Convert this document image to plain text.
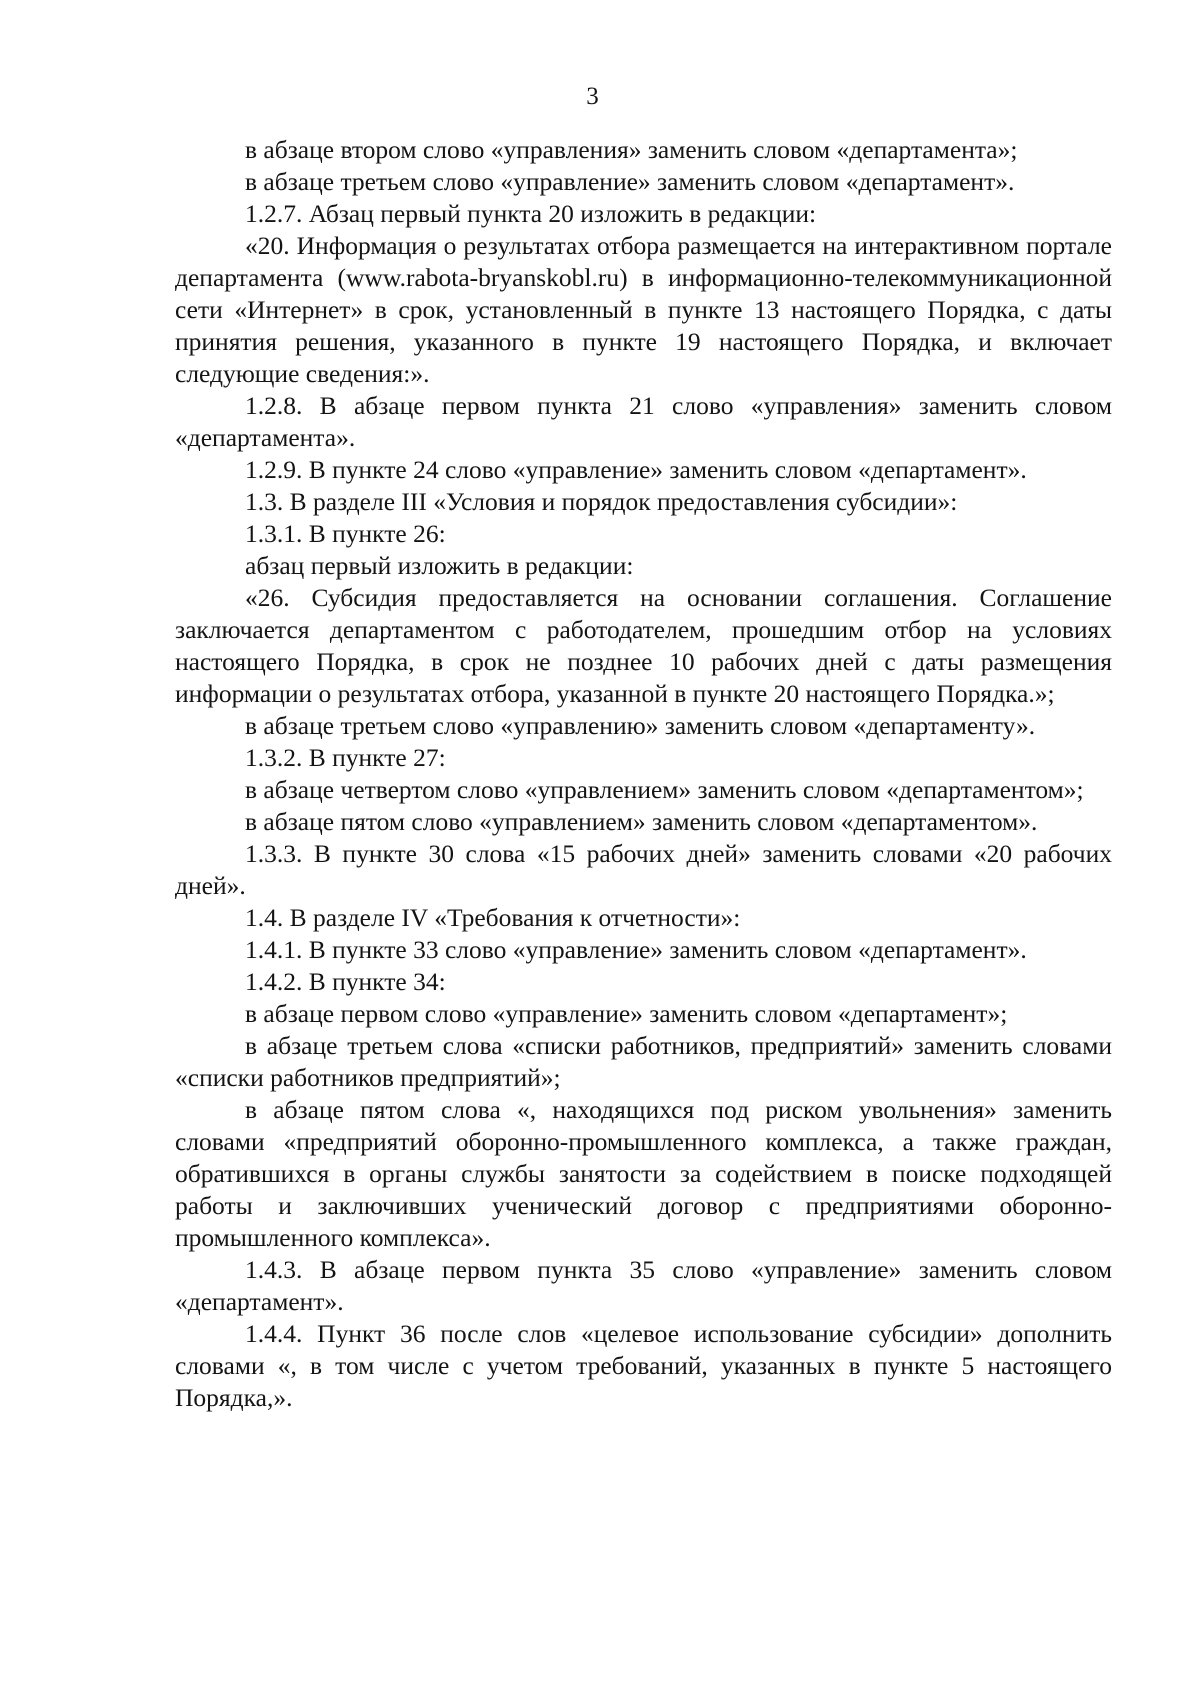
3

в абзаце втором слово «управления» заменить словом «департамента»;

в абзаце третьем слово «управление» заменить словом «департамент».

1.2.7. Абзац первый пункта 20 изложить в редакции:

«20. Информация о результатах отбора размещается на интерактивном портале департамента (www.rabota-bryanskobl.ru) в информационно-телекоммуникационной сети «Интернет» в срок, установленный в пункте 13 настоящего Порядка, с даты принятия решения, указанного в пункте 19 настоящего Порядка, и включает следующие сведения:».

1.2.8. В абзаце первом пункта 21 слово «управления» заменить словом «департамента».

1.2.9. В пункте 24 слово «управление» заменить словом «департамент».

1.3. В разделе III «Условия и порядок предоставления субсидии»:

1.3.1. В пункте 26:

абзац первый изложить в редакции:

«26. Субсидия предоставляется на основании соглашения. Соглашение заключается департаментом с работодателем, прошедшим отбор на условиях настоящего Порядка, в срок не позднее 10 рабочих дней с даты размещения информации о результатах отбора, указанной в пункте 20 настоящего Порядка.»;

в абзаце третьем слово «управлению» заменить словом «департаменту».

1.3.2. В пункте 27:

в абзаце четвертом слово «управлением» заменить словом «департаментом»;

в абзаце пятом слово «управлением» заменить словом «департаментом».

1.3.3. В пункте 30 слова «15 рабочих дней» заменить словами «20 рабочих дней».

1.4. В разделе IV «Требования к отчетности»:

1.4.1. В пункте 33 слово «управление» заменить словом «департамент».

1.4.2. В пункте 34:

в абзаце первом слово «управление» заменить словом «департамент»;

в абзаце третьем слова «списки работников, предприятий» заменить словами «списки работников предприятий»;

в абзаце пятом слова «, находящихся под риском увольнения» заменить словами «предприятий оборонно-промышленного комплекса, а также граждан, обратившихся в органы службы занятости за содействием в поиске подходящей работы и заключивших ученический договор с предприятиями оборонно-промышленного комплекса».

1.4.3. В абзаце первом пункта 35 слово «управление» заменить словом «департамент».

1.4.4. Пункт 36 после слов «целевое использование субсидии» дополнить словами «, в том числе с учетом требований, указанных в пункте 5 настоящего Порядка,».
